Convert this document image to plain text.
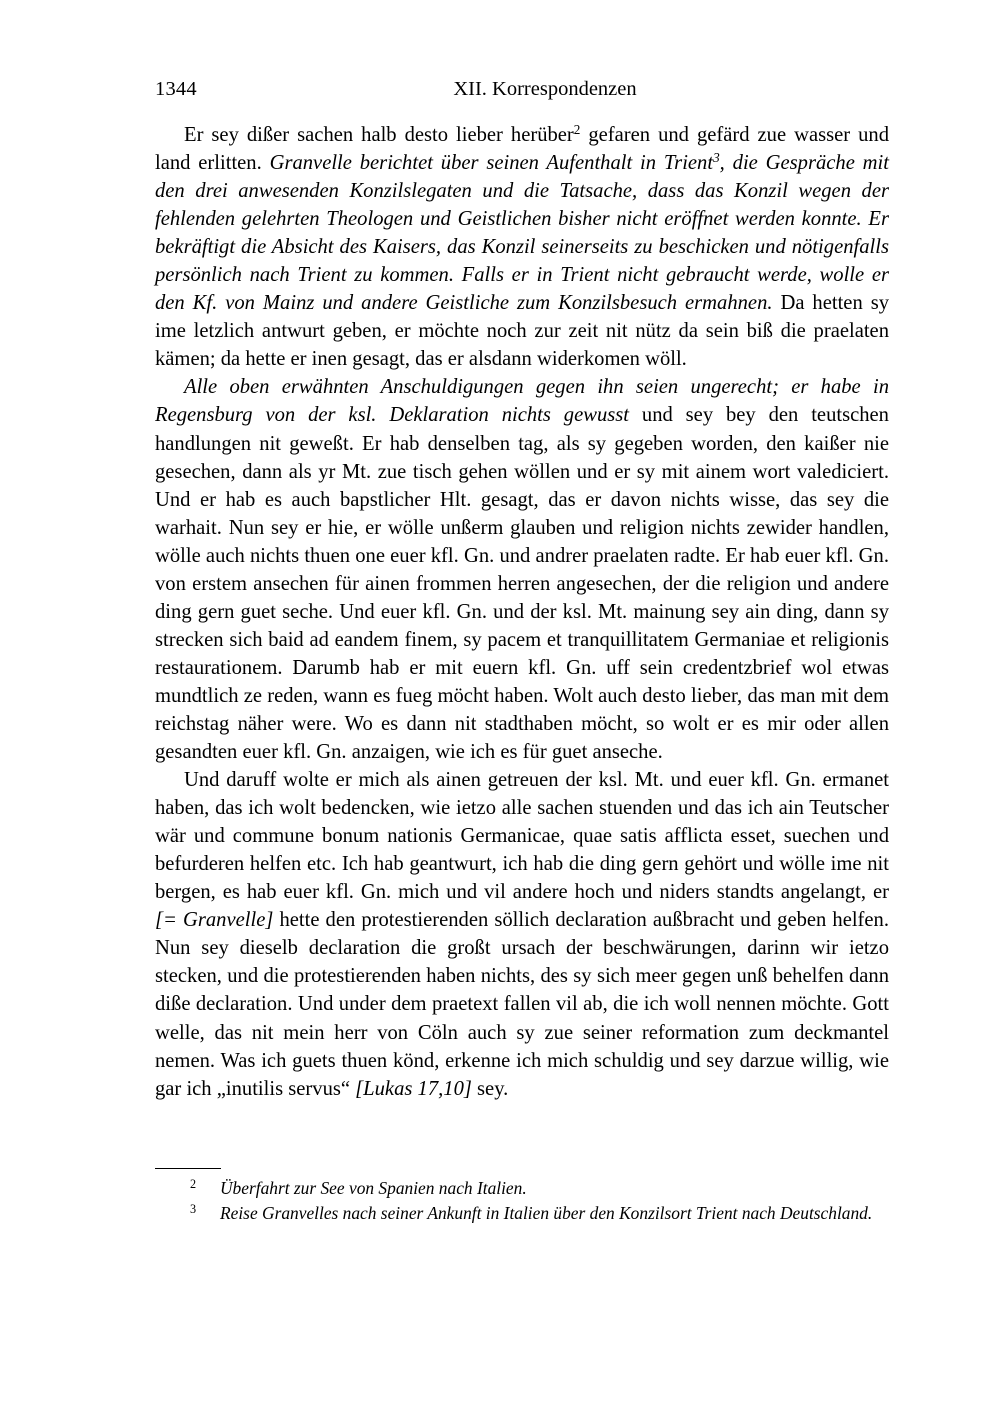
1344	XII. Korrespondenzen

Er sey dißer sachen halb desto lieber herüber$^2$ gefaren und gefärd zue wasser und land erlitten. Granvelle berichtet über seinen Aufenthalt in Trient$^3$, die Gespräche mit den drei anwesenden Konzilslegaten und die Tatsache, dass das Konzil wegen der fehlenden gelehrten Theologen und Geistlichen bisher nicht eröffnet werden konnte. Er bekräftigt die Absicht des Kaisers, das Konzil seinerseits zu beschicken und nötigenfalls persönlich nach Trient zu kommen. Falls er in Trient nicht gebraucht werde, wolle er den Kf. von Mainz und andere Geistliche zum Konzilsbesuch ermahnen. Da hetten sy ime letzlich antwurt geben, er möchte noch zur zeit nit nütz da sein biß die praelaten kämen; da hette er inen gesagt, das er alsdann widerkomen wöll.

Alle oben erwähnten Anschuldigungen gegen ihn seien ungerecht; er habe in Regensburg von der ksl. Deklaration nichts gewusst und sey bey den teutschen handlungen nit geweßt. Er hab denselben tag, als sy gegeben worden, den kaißer nie gesechen, dann als yr Mt. zue tisch gehen wöllen und er sy mit ainem wort valediciert. Und er hab es auch bapstlicher Hlt. gesagt, das er davon nichts wisse, das sey die warhait. Nun sey er hie, er wölle unßerm glauben und religion nichts zewider handlen, wölle auch nichts thuen one euer kfl. Gn. und andrer praelaten radte. Er hab euer kfl. Gn. von erstem ansechen für ainen frommen herren angesechen, der die religion und andere ding gern guet seche. Und euer kfl. Gn. und der ksl. Mt. mainung sey ain ding, dann sy strecken sich baid ad eandem finem, sy pacem et tranquillitatem Germaniae et religionis restaurationem. Darumb hab er mit euern kfl. Gn. uff sein credentzbrief wol etwas mundtlich ze reden, wann es fueg möcht haben. Wolt auch desto lieber, das man mit dem reichstag näher were. Wo es dann nit stadthaben möcht, so wolt er es mir oder allen gesandten euer kfl. Gn. anzaigen, wie ich es für guet anseche.

Und daruff wolte er mich als ainen getreuen der ksl. Mt. und euer kfl. Gn. ermanet haben, das ich wolt bedencken, wie ietzo alle sachen stuenden und das ich ain Teutscher wär und commune bonum nationis Germanicae, quae satis afflicta esset, suechen und befurderen helfen etc. Ich hab geantwurt, ich hab die ding gern gehört und wölle ime nit bergen, es hab euer kfl. Gn. mich und vil andere hoch und niders standts angelangt, er [= Granvelle] hette den protestierenden söllich declaration außbracht und geben helfen. Nun sey dieselb declaration die großt ursach der beschwärungen, darinn wir ietzo stecken, und die protestierenden haben nichts, des sy sich meer gegen unß behelfen dann diße declaration. Und under dem praetext fallen vil ab, die ich woll nennen möchte. Gott welle, das nit mein herr von Cöln auch sy zue seiner reformation zum deckmantel nemen. Was ich guets thuen könd, erkenne ich mich schuldig und sey darzue willig, wie gar ich „inutilis servus“ [Lukas 17,10] sey.

2 Überfahrt zur See von Spanien nach Italien.

3 Reise Granvelles nach seiner Ankunft in Italien über den Konzilsort Trient nach Deutschland.
